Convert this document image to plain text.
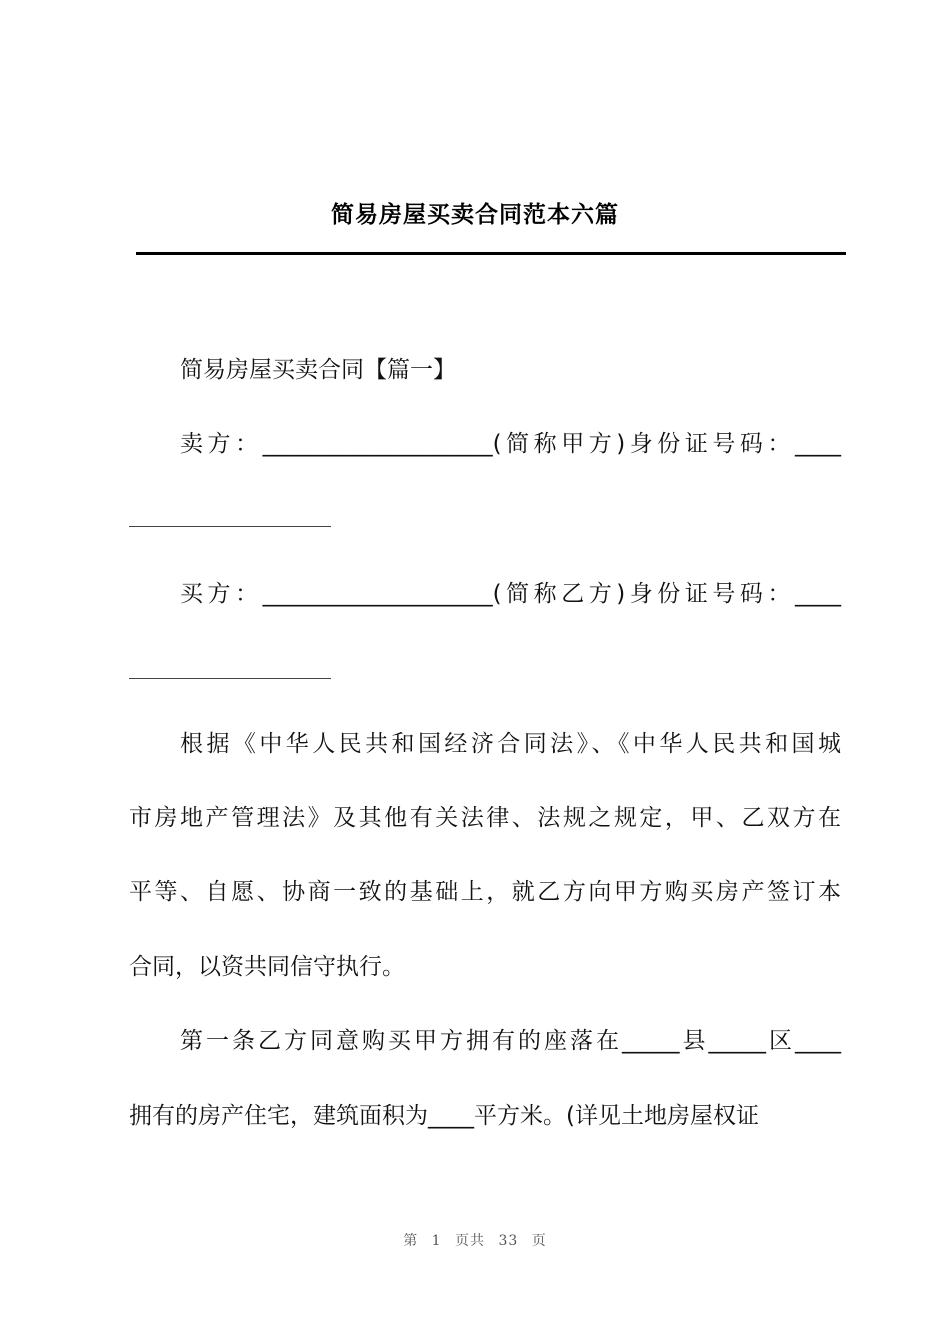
简易房屋买卖合同范本六篇
简易房屋买卖合同【篇一】
卖方：____________________(简称甲方)身份证号码：____
买方：____________________(简称乙方)身份证号码：____
根据《中华人民共和国经济合同法》、《中华人民共和国城
市房地产管理法》及其他有关法律、法规之规定，甲、乙双方在
平等、自愿、协商一致的基础上，就乙方向甲方购买房产签订本
合同，以资共同信守执行。
第一条乙方同意购买甲方拥有的座落在_____县_____区____
拥有的房产住宅，建筑面积为____平方米。(详见土地房屋权证
第 1 页共 33 页
